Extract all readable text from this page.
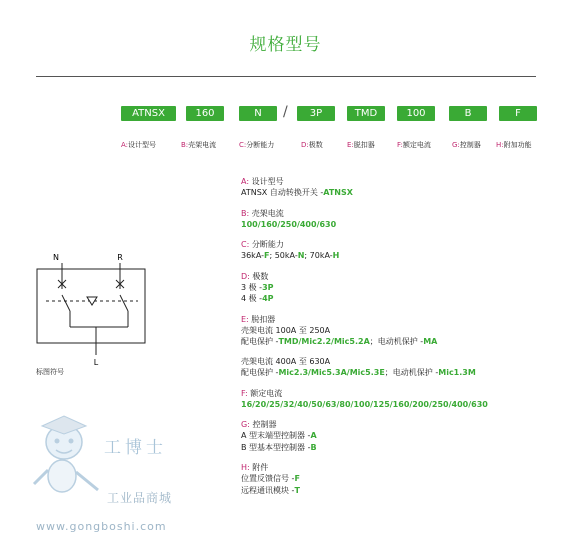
规格型号
ATNSX	160	N	/	3P	TMD	100	B	F
A:设计型号	B:壳架电流	C:分断能力	D:极数	E:脱扣器	F:额定电流	G:控制器 H:附加功能
A: 设计型号
ATNSX 自动转换开关 -ATNSX
B: 壳架电流
100/160/250/400/630
C: 分断能力
36kA-F; 50kA-N; 70kA-H
D: 极数
3 极 -3P
4 极 -4P
E: 脱扣器
壳架电流 100A 至 250A
配电保护 -TMD/Mic2.2/Mic5.2A；电动机保护 -MA
壳架电流 400A 至 630A
配电保护 -Mic2.3/Mic5.3A/Mic5.3E；电动机保护 -Mic1.3M
F: 额定电流
16/20/25/32/40/50/63/80/100/125/160/200/250/400/630
G: 控制器
A 型末端型控制器 -A
B 型基本型控制器 -B
H: 附件
位置反馈信号 -F
远程通讯模块 -T
N	R
L
标图符号
工博士
工业品商城
www.gongboshi.com
